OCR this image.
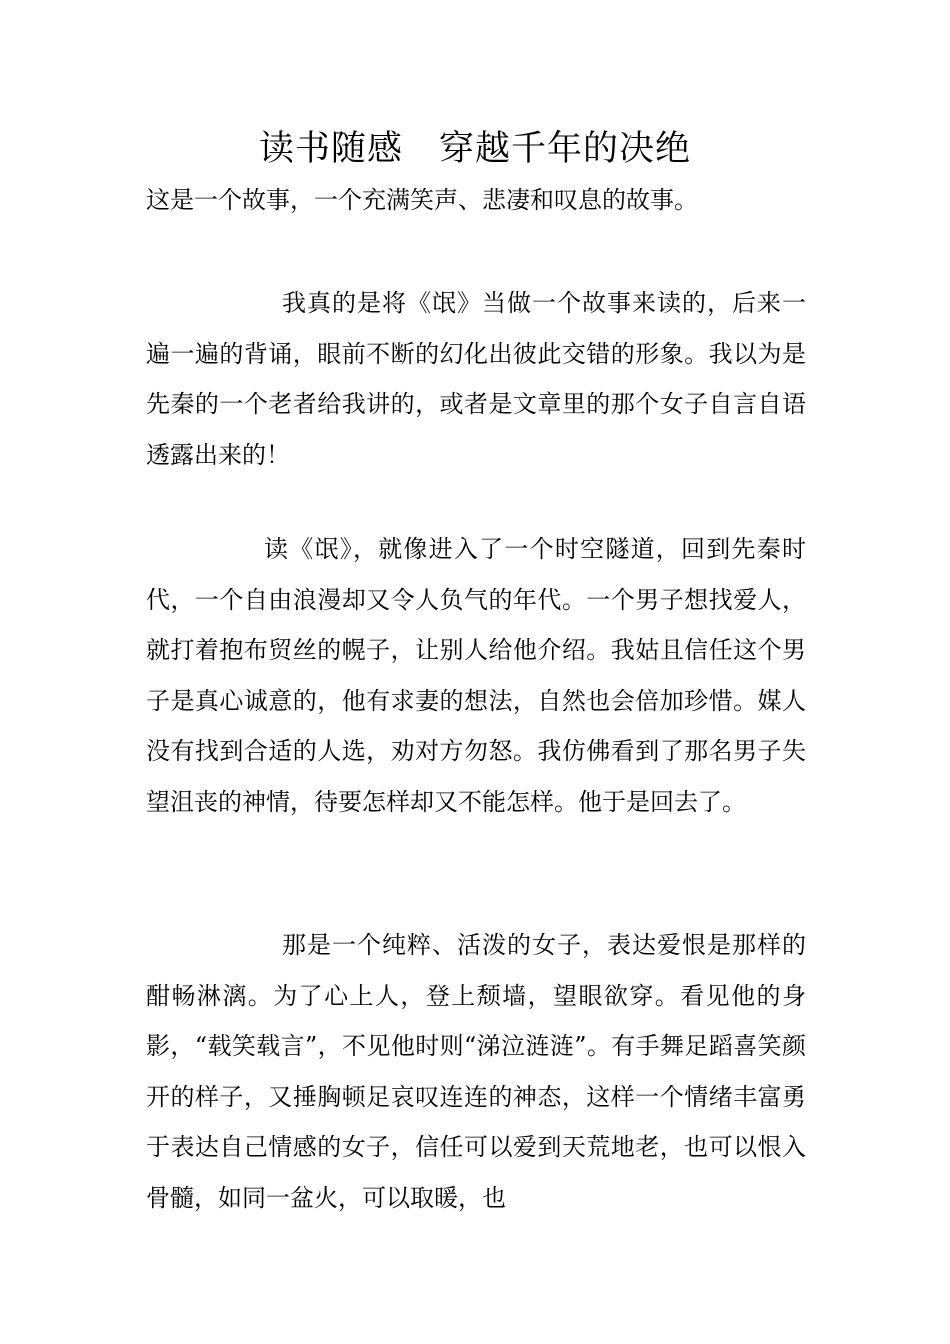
读书随感　穿越千年的决绝
这是一个故事，一个充满笑声、悲凄和叹息的故事。

我真的是将《氓》当做一个故事来读的，后来一遍一遍的背诵，眼前不断的幻化出彼此交错的形象。我以为是先秦的一个老者给我讲的，或者是文章里的那个女子自言自语透露出来的！

读《氓》，就像进入了一个时空隧道，回到先秦时代，一个自由浪漫却又令人负气的年代。一个男子想找爱人，就打着抱布贸丝的幌子，让别人给他介绍。我姑且信任这个男子是真心诚意的，他有求妻的想法，自然也会倍加珍惜。媒人没有找到合适的人选，劝对方勿怒。我仿佛看到了那名男子失望沮丧的神情，待要怎样却又不能怎样。他于是回去了。

那是一个纯粹、活泼的女子，表达爱恨是那样的酣畅淋漓。为了心上人，登上颓墙，望眼欲穿。看见他的身影，“载笑载言”，不见他时则“涕泣涟涟”。有手舞足蹈喜笑颜开的样子，又捶胸顿足哀叹连连的神态，这样一个情绪丰富勇于表达自己情感的女子，信任可以爱到天荒地老，也可以恨入骨髓，如同一盆火，可以取暖，也
